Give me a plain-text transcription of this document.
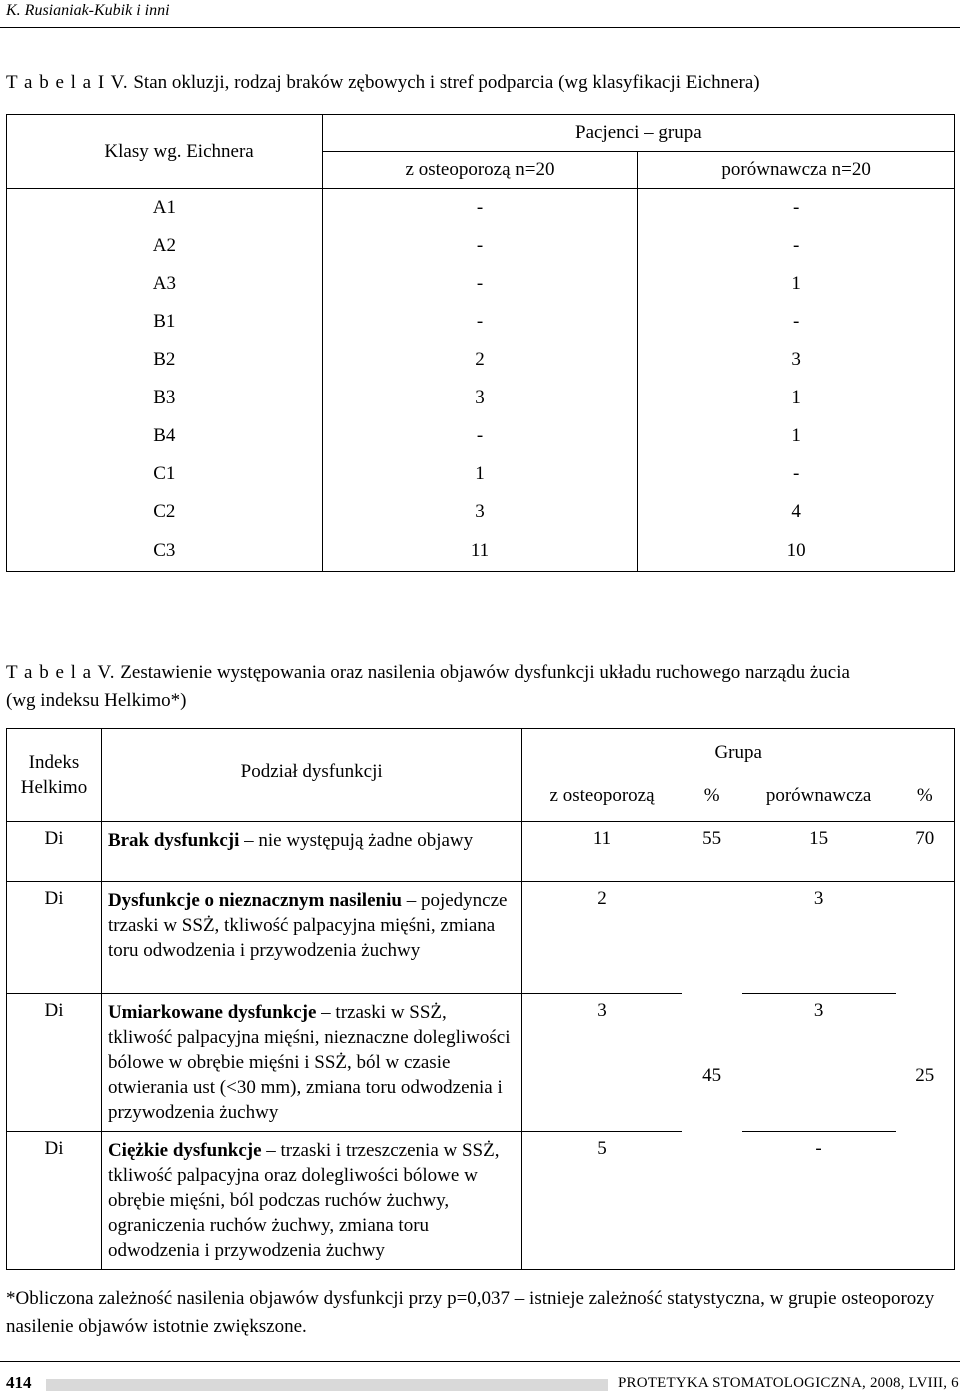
K. Rusianiak-Kubik i inni
T a b e l a I V. Stan okluzji, rodzaj braków zębowych i stref podparcia (wg klasyfikacji Eichnera)
Klasy wg. Eichnera	Pacjenci – grupa	
	z osteoporozą n=20	porównawcza n=20
A1	-	-
A2	-	-
A3	-	1
B1	-	-
B2	2	3
B3	3	1
B4	-	1
C1	1	-
C2	3	4
C3	11	10
T a b e l a V. Zestawienie występowania oraz nasilenia objawów dysfunkcji układu ruchowego narządu żucia
(wg indeksu Helkimo*)
Indeks
Helkimo	Podział dysfunkcji	Grupa			
		z osteoporozą	%	porównawcza	%
Di	Brak dysfunkcji – nie występują żadne objawy	11	55	15	70
Di	Dysfunkcje o nieznacznym nasileniu – pojedyncze trzaski w SSŻ, tkliwość palpacyjna mięśni, zmiana toru odwodzenia i przywodzenia żuchwy	2	45	3	25
Di	Umiarkowane dysfunkcje – trzaski w SSŻ, tkliwość palpacyjna mięśni, nieznaczne dolegliwości bólowe w obrębie mięśni i SSŻ, ból w czasie otwierania ust (<30 mm), zmiana toru odwodzenia i przywodzenia żuchwy	3		3	
Di	Ciężkie dysfunkcje – trzaski i trzeszczenia w SSŻ, tkliwość palpacyjna oraz dolegliwości bólowe w obrębie mięśni, ból podczas ruchów żuchwy, ograniczenia ruchów żuchwy, zmiana toru odwodzenia i przywodzenia żuchwy	5		-	
*Obliczona zależność nasilenia objawów dysfunkcji przy p=0,037 – istnieje zależność statystyczna, w grupie osteoporozy nasilenie objawów istotnie zwiększone.
414	PROTETYKA STOMATOLOGICZNA, 2008, LVIII, 6
